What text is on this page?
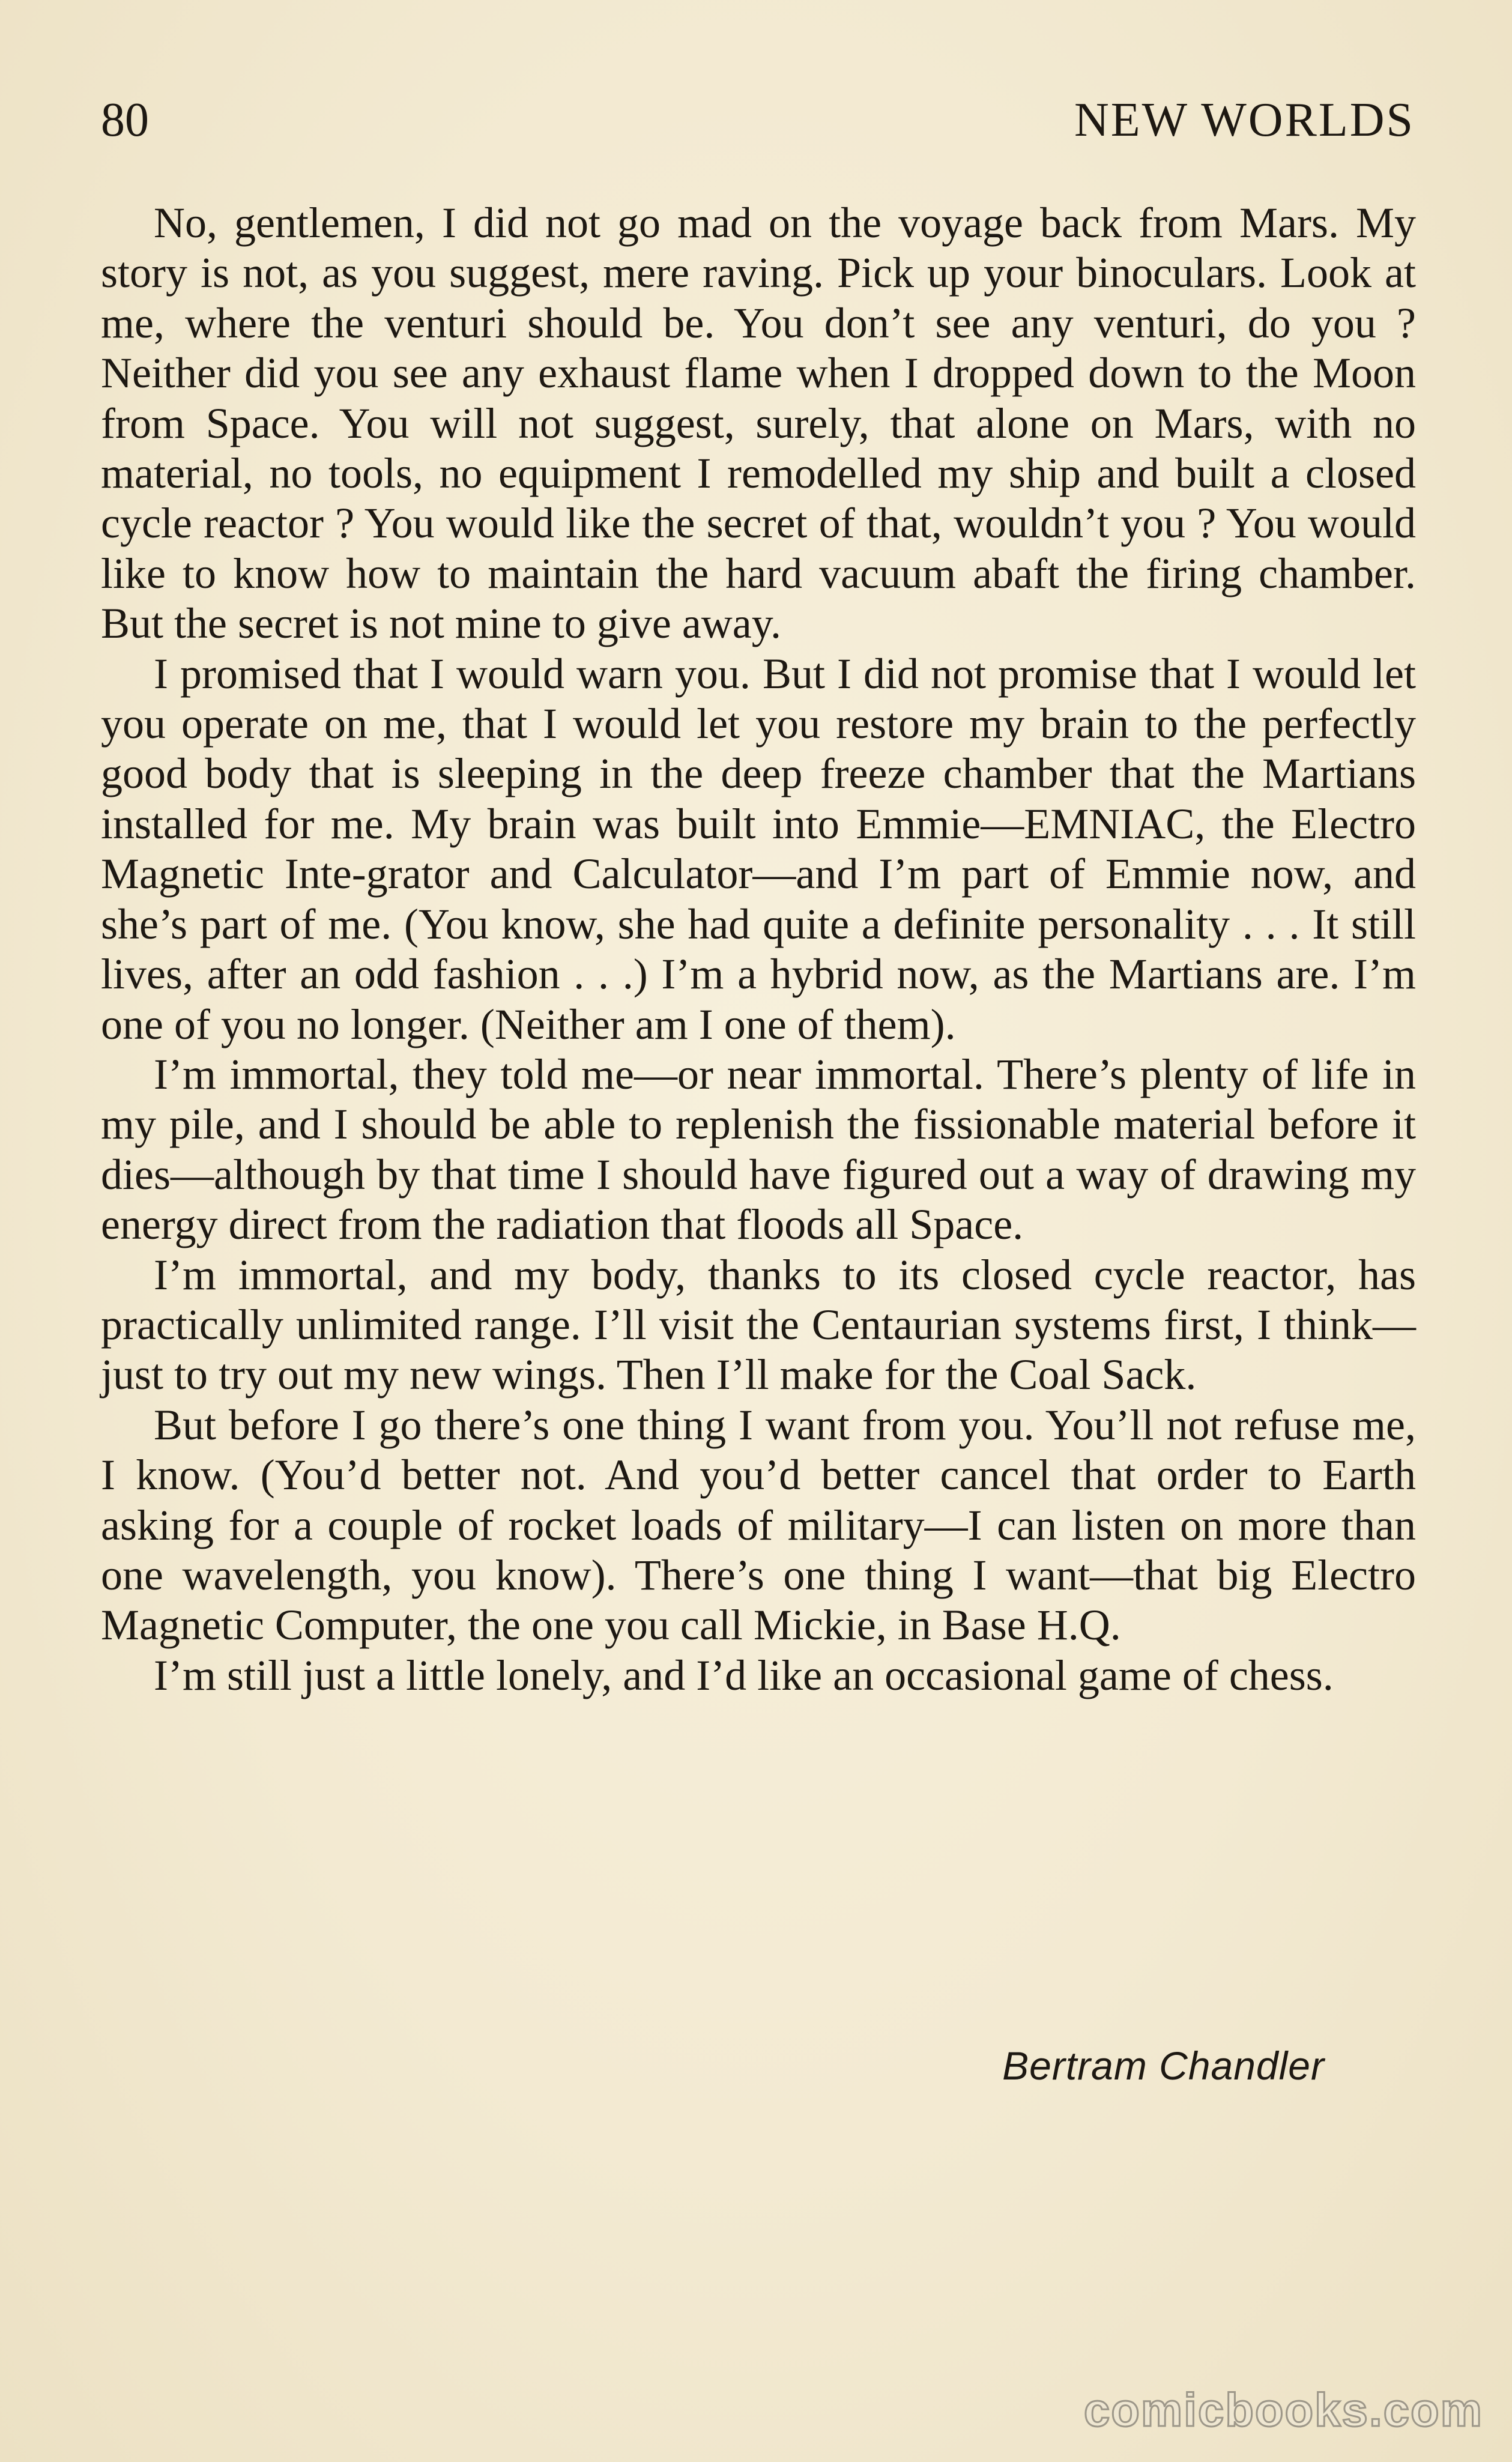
80	NEW WORLDS

No, gentlemen, I did not go mad on the voyage back from Mars. My story is not, as you suggest, mere raving. Pick up your binoculars. Look at me, where the venturi should be. You don’t see any venturi, do you ? Neither did you see any exhaust flame when I dropped down to the Moon from Space. You will not suggest, surely, that alone on Mars, with no material, no tools, no equipment I remodelled my ship and built a closed cycle reactor ? You would like the secret of that, wouldn’t you ? You would like to know how to maintain the hard vacuum abaft the firing chamber. But the secret is not mine to give away.

I promised that I would warn you. But I did not promise that I would let you operate on me, that I would let you restore my brain to the perfectly good body that is sleeping in the deep freeze chamber that the Martians installed for me. My brain was built into Emmie—EMNIAC, the Electro Magnetic Inte-grator and Calculator—and I’m part of Emmie now, and she’s part of me. (You know, she had quite a definite personality . . . It still lives, after an odd fashion . . .) I’m a hybrid now, as the Martians are. I’m one of you no longer. (Neither am I one of them).

I’m immortal, they told me—or near immortal. There’s plenty of life in my pile, and I should be able to replenish the fissionable material before it dies—although by that time I should have figured out a way of drawing my energy direct from the radiation that floods all Space.

I’m immortal, and my body, thanks to its closed cycle reactor, has practically unlimited range. I’ll visit the Centaurian systems first, I think—just to try out my new wings. Then I’ll make for the Coal Sack.

But before I go there’s one thing I want from you. You’ll not refuse me, I know. (You’d better not. And you’d better cancel that order to Earth asking for a couple of rocket loads of military—I can listen on more than one wavelength, you know). There’s one thing I want—that big Electro Magnetic Computer, the one you call Mickie, in Base H.Q.

I’m still just a little lonely, and I’d like an occasional game of chess.

Bertram Chandler
comicbooks.com
